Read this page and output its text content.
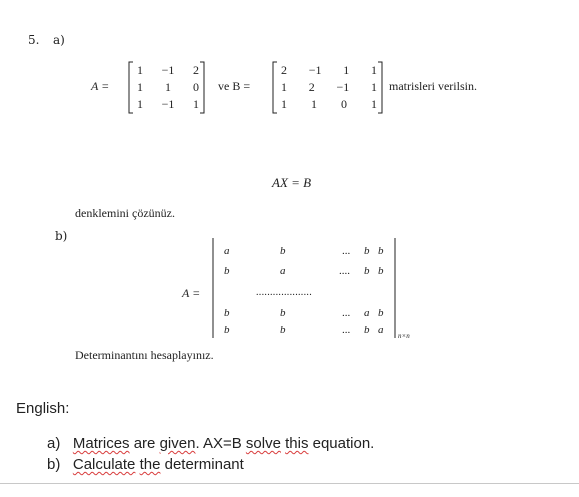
5. a)
A =
1 −1 2
1 1 0
1 −1 1
ve B =
2 −1 1 1
1 2 −1 1
1 1 0 1
matrisleri verilsin.
AX = B
denklemini çözünüz.
b)
A =
a	b	... b b
b	a	.... b b
....................
b	b	... a b
b	b	... b a n×n
Determinantını hesaplayınız.
English:
a) Matrices are given. AX=B solve this equation.
b) Calculate the determinant
